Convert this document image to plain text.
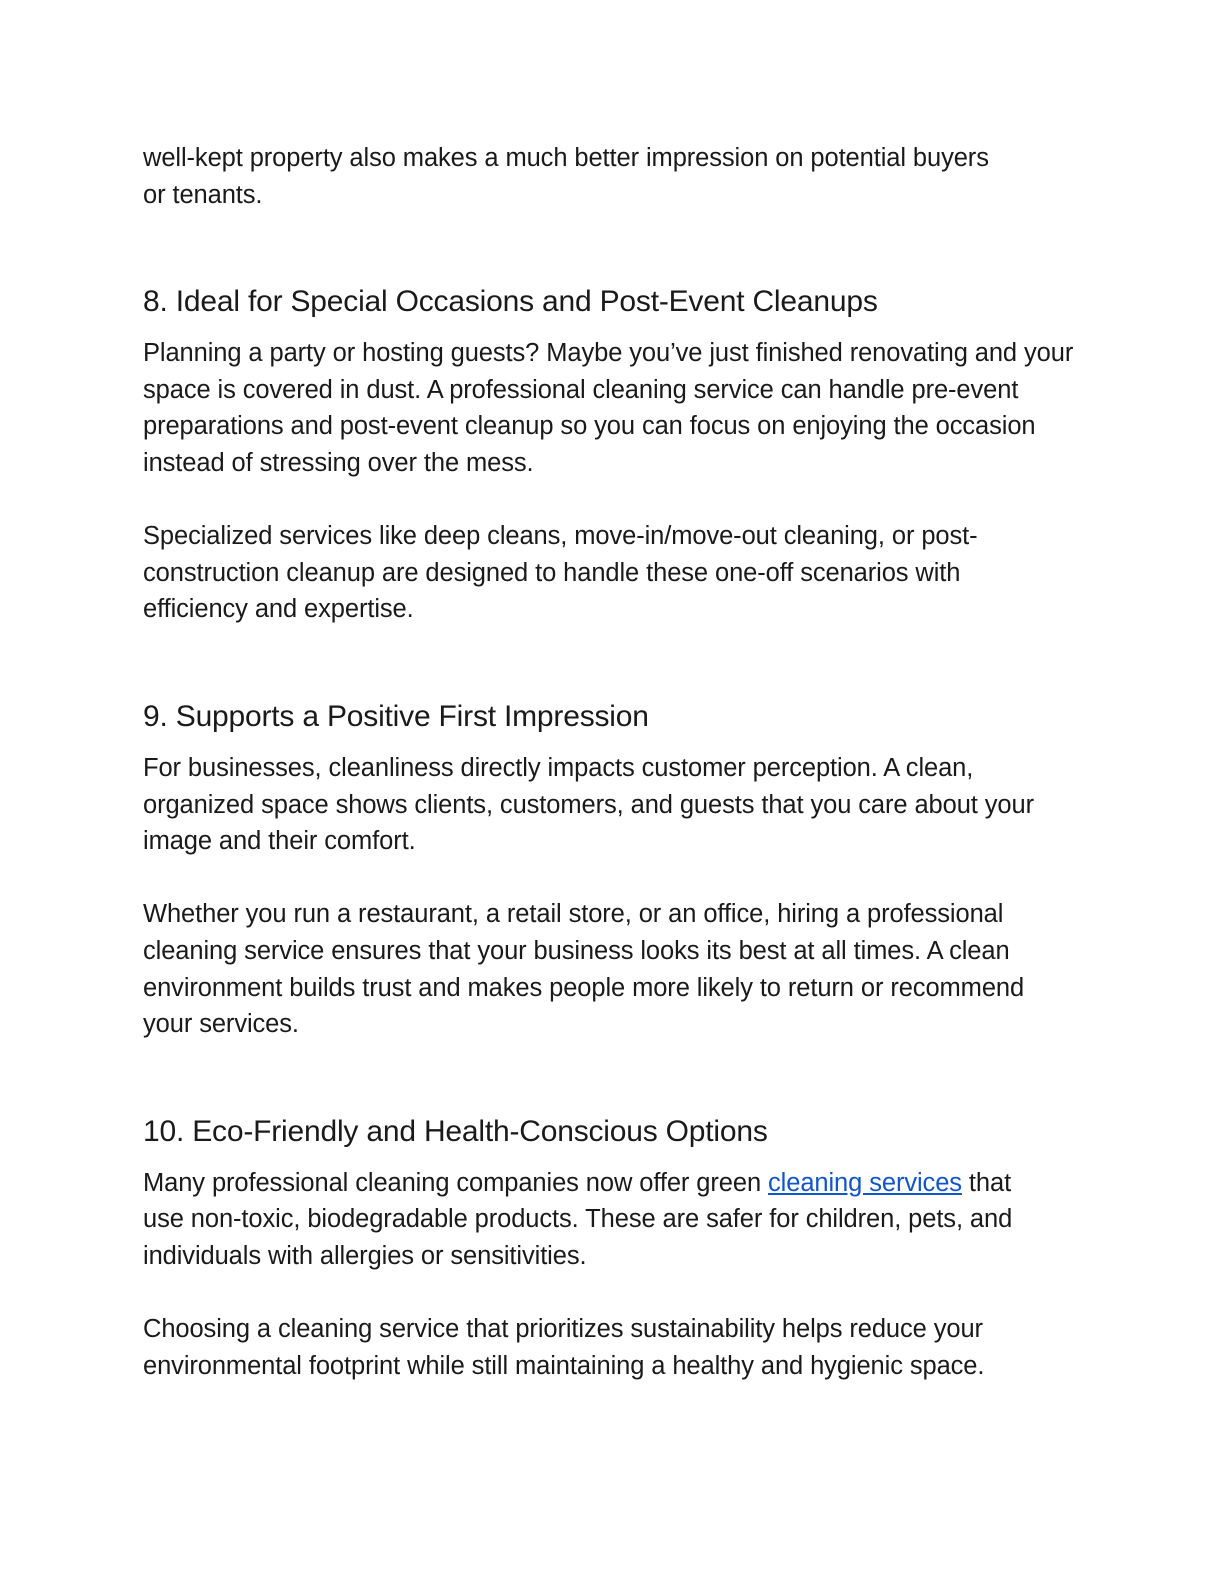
well-kept property also makes a much better impression on potential buyers or tenants.

8. Ideal for Special Occasions and Post-Event Cleanups

Planning a party or hosting guests? Maybe you’ve just finished renovating and your space is covered in dust. A professional cleaning service can handle pre-event preparations and post-event cleanup so you can focus on enjoying the occasion instead of stressing over the mess.

Specialized services like deep cleans, move-in/move-out cleaning, or post-construction cleanup are designed to handle these one-off scenarios with efficiency and expertise.

9. Supports a Positive First Impression

For businesses, cleanliness directly impacts customer perception. A clean, organized space shows clients, customers, and guests that you care about your image and their comfort.

Whether you run a restaurant, a retail store, or an office, hiring a professional cleaning service ensures that your business looks its best at all times. A clean environment builds trust and makes people more likely to return or recommend your services.

10. Eco-Friendly and Health-Conscious Options

Many professional cleaning companies now offer green cleaning services that use non-toxic, biodegradable products. These are safer for children, pets, and individuals with allergies or sensitivities.

Choosing a cleaning service that prioritizes sustainability helps reduce your environmental footprint while still maintaining a healthy and hygienic space.
